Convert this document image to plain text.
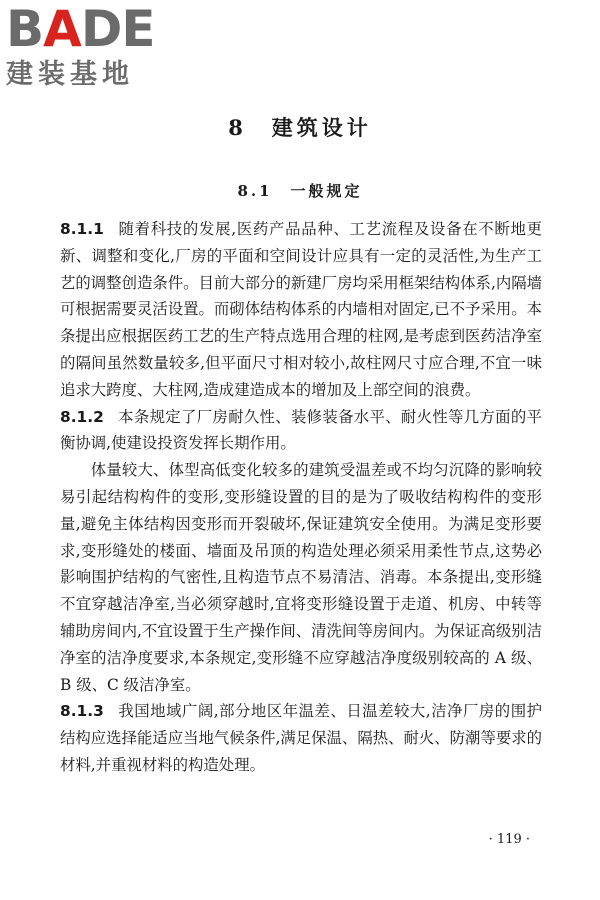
BADE
建装基地
8　建筑设计
8.1　一般规定

8.1.1 随着科技的发展,医药产品品种、工艺流程及设备在不断地更新、调整和变化,厂房的平面和空间设计应具有一定的灵活性,为生产工艺的调整创造条件。目前大部分的新建厂房均采用框架结构体系,内隔墙可根据需要灵活设置。而砌体结构体系的内墙相对固定,已不予采用。本条提出应根据医药工艺的生产特点选用合理的柱网,是考虑到医药洁净室的隔间虽然数量较多,但平面尺寸相对较小,故柱网尺寸应合理,不宜一味追求大跨度、大柱网,造成建造成本的增加及上部空间的浪费。

8.1.2 本条规定了厂房耐久性、装修装备水平、耐火性等几方面的平衡协调,使建设投资发挥长期作用。

体量较大、体型高低变化较多的建筑受温差或不均匀沉降的影响较易引起结构构件的变形,变形缝设置的目的是为了吸收结构构件的变形量,避免主体结构因变形而开裂破坏,保证建筑安全使用。为满足变形要求,变形缝处的楼面、墙面及吊顶的构造处理必须采用柔性节点,这势必影响围护结构的气密性,且构造节点不易清洁、消毒。本条提出,变形缝不宜穿越洁净室,当必须穿越时,宜将变形缝设置于走道、机房、中转等辅助房间内,不宜设置于生产操作间、清洗间等房间内。为保证高级别洁净室的洁净度要求,本条规定,变形缝不应穿越洁净度级别较高的 A 级、B 级、C 级洁净室。

8.1.3 我国地域广阔,部分地区年温差、日温差较大,洁净厂房的围护结构应选择能适应当地气候条件,满足保温、隔热、耐火、防潮等要求的材料,并重视材料的构造处理。

· 119 ·
